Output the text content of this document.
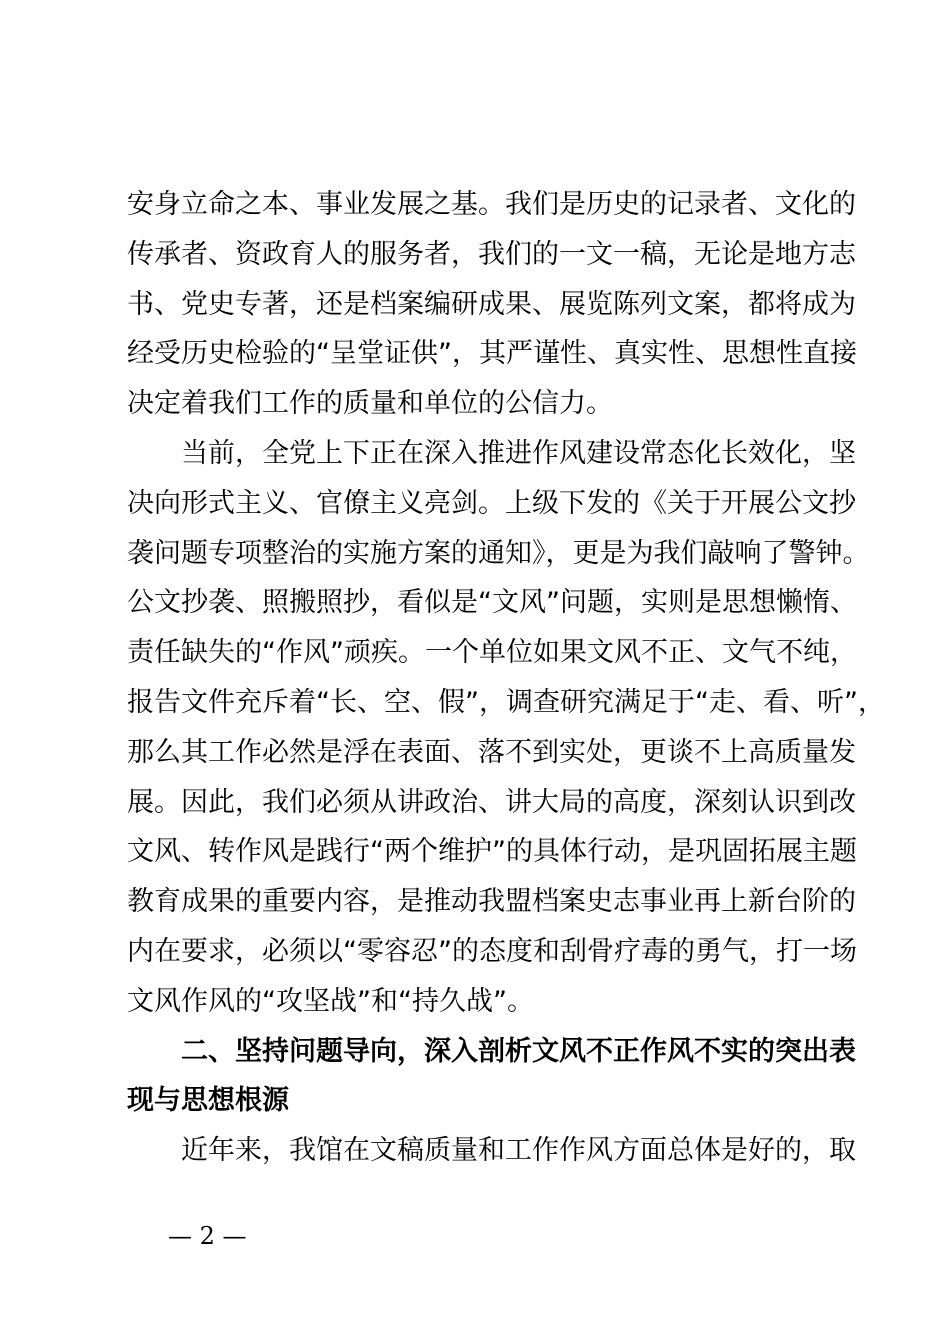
安身立命之本、事业发展之基。我们是历史的记录者、文化的
传承者、资政育人的服务者，我们的一文一稿，无论是地方志
书、党史专著，还是档案编研成果、展览陈列文案，都将成为
经受历史检验的“呈堂证供”，其严谨性、真实性、思想性直接
决定着我们工作的质量和单位的公信力。
当前，全党上下正在深入推进作风建设常态化长效化，坚
决向形式主义、官僚主义亮剑。上级下发的《关于开展公文抄
袭问题专项整治的实施方案的通知》，更是为我们敲响了警钟。
公文抄袭、照搬照抄，看似是“文风”问题，实则是思想懒惰、
责任缺失的“作风”顽疾。一个单位如果文风不正、文气不纯，
报告文件充斥着“长、空、假”，调查研究满足于“走、看、听”，
那么其工作必然是浮在表面、落不到实处，更谈不上高质量发
展。因此，我们必须从讲政治、讲大局的高度，深刻认识到改
文风、转作风是践行“两个维护”的具体行动，是巩固拓展主题
教育成果的重要内容，是推动我盟档案史志事业再上新台阶的
内在要求，必须以“零容忍”的态度和刮骨疗毒的勇气，打一场
文风作风的“攻坚战”和“持久战”。
二、坚持问题导向，深入剖析文风不正作风不实的突出表
现与思想根源
近年来，我馆在文稿质量和工作作风方面总体是好的，取
— 2 —
